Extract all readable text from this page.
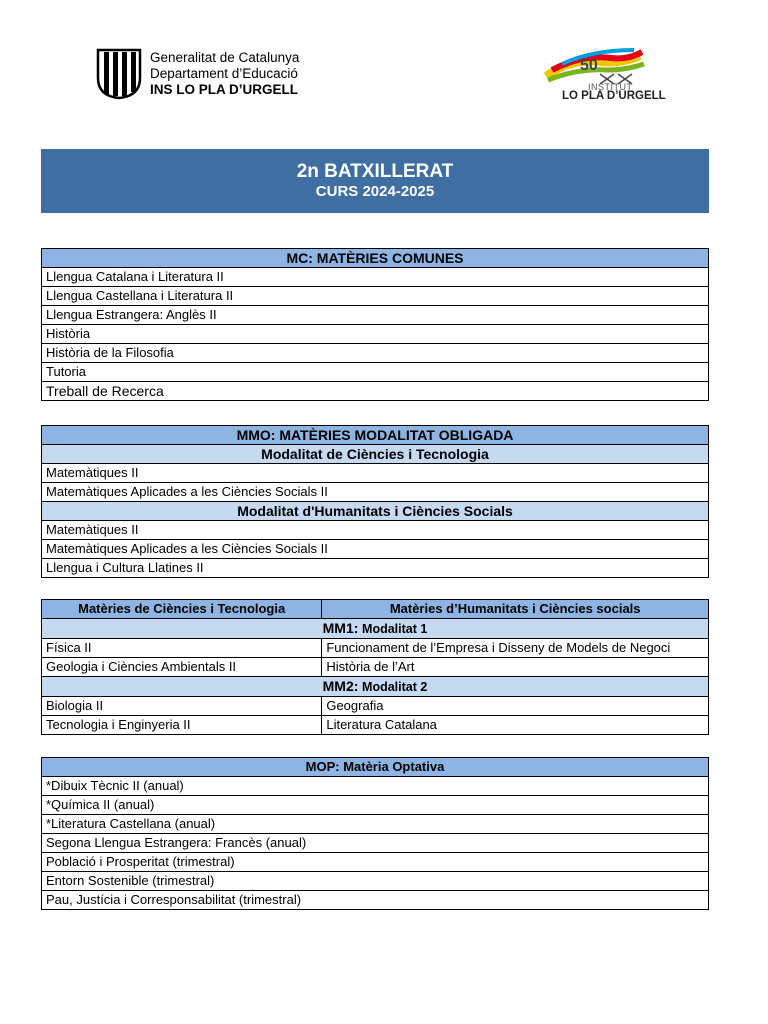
Generalitat de Catalunya
Departament d’Educació
INS LO PLA D’URGELL
50
INSTITUT
LO PLA D’URGELL
2n BATXILLERAT
CURS 2024-2025
MC: MATÈRIES COMUNES
Llengua Catalana i Literatura II
Llengua Castellana i Literatura II
Llengua Estrangera: Anglès II
Història
Història de la Filosofia
Tutoria
Treball de Recerca
MMO: MATÈRIES MODALITAT OBLIGADA
Modalitat de Ciències i Tecnologia
Matemàtiques II
Matemàtiques Aplicades a les Ciències Socials II
Modalitat d'Humanitats i Ciències Socials
Matemàtiques II
Matemàtiques Aplicades a les Ciències Socials II
Llengua i Cultura Llatines II
Matèries de Ciències i Tecnologia	Matèries d’Humanitats i Ciències socials
MM1: Modalitat 1	
Física II	Funcionament de l’Empresa i Disseny de Models de Negoci
Geologia i Ciències Ambientals II	Història de l’Art
MM2: Modalitat 2	
Biologia II	Geografia
Tecnologia i Enginyeria II	Literatura Catalana
MOP: Matèria Optativa
*Dibuix Tècnic II (anual)
*Química II (anual)
*Literatura Castellana (anual)
Segona Llengua Estrangera: Francès (anual)
Població i Prosperitat (trimestral)
Entorn Sostenible (trimestral)
Pau, Justícia i Corresponsabilitat (trimestral)
